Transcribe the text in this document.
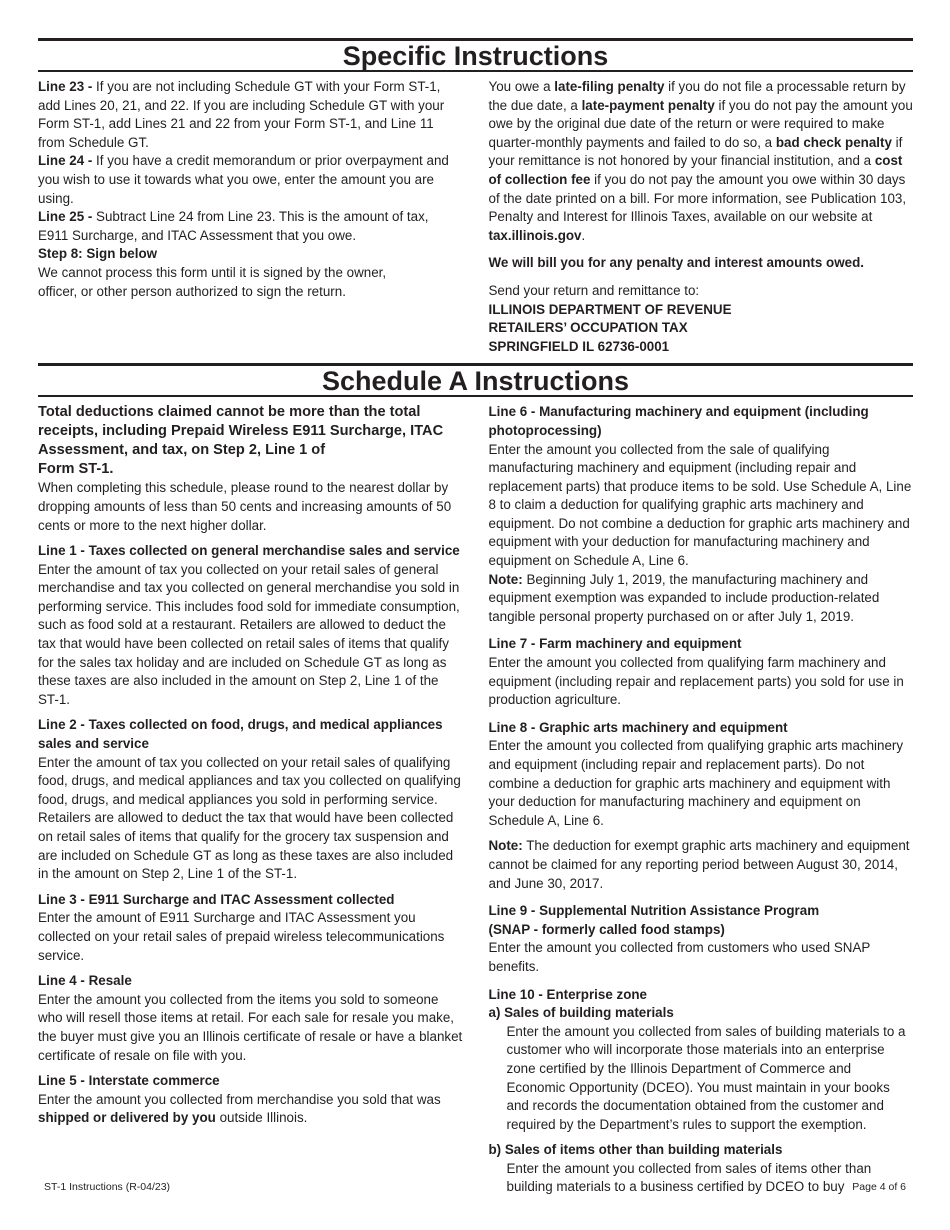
Specific Instructions

Line 23 - If you are not including Schedule GT with your Form ST-1, add Lines 20, 21, and 22. If you are including Schedule GT with your Form ST-1, add Lines 21 and 22 from your Form ST-1, and Line 11 from Schedule GT.

Line 24 - If you have a credit memorandum or prior overpayment and you wish to use it towards what you owe, enter the amount you are using.

Line 25 - Subtract Line 24 from Line 23. This is the amount of tax, E911 Surcharge, and ITAC Assessment that you owe.

Step 8: Sign below

We cannot process this form until it is signed by the owner,

officer, or other person authorized to sign the return.

You owe a late-filing penalty if you do not file a processable return by the due date, a late-payment penalty if you do not pay the amount you owe by the original due date of the return or were required to make quarter-monthly payments and failed to do so, a bad check penalty if your remittance is not honored by your financial institution, and a cost of collection fee if you do not pay the amount you owe within 30 days of the date printed on a bill. For more information, see Publication 103, Penalty and Interest for Illinois Taxes, available on our website at tax.illinois.gov.

We will bill you for any penalty and interest amounts owed.

Send your return and remittance to:

ILLINOIS DEPARTMENT OF REVENUE

RETAILERS’ OCCUPATION TAX

SPRINGFIELD IL 62736-0001

Schedule A Instructions

Total deductions claimed cannot be more than the total receipts, including Prepaid Wireless E911 Surcharge, ITAC Assessment, and tax, on Step 2, Line 1 of

Form ST-1.

When completing this schedule, please round to the nearest dollar by dropping amounts of less than 50 cents and increasing amounts of 50 cents or more to the next higher dollar.

Line 1 - Taxes collected on general merchandise sales and service

Enter the amount of tax you collected on your retail sales of general merchandise and tax you collected on general merchandise you sold in performing service. This includes food sold for immediate consumption, such as food sold at a restaurant. Retailers are allowed to deduct the tax that would have been collected on retail sales of items that qualify for the sales tax holiday and are included on Schedule GT as long as these taxes are also included in the amount on Step 2, Line 1 of the ST-1.

Line 2 - Taxes collected on food, drugs, and medical appliances sales and service

Enter the amount of tax you collected on your retail sales of qualifying food, drugs, and medical appliances and tax you collected on qualifying food, drugs, and medical appliances you sold in performing service. Retailers are allowed to deduct the tax that would have been collected on retail sales of items that qualify for the grocery tax suspension and are included on Schedule GT as long as these taxes are also included in the amount on Step 2, Line 1 of the ST-1.

Line 3 - E911 Surcharge and ITAC Assessment collected

Enter the amount of E911 Surcharge and ITAC Assessment you collected on your retail sales of prepaid wireless telecommunications service.

Line 4 - Resale

Enter the amount you collected from the items you sold to someone who will resell those items at retail. For each sale for resale you make, the buyer must give you an Illinois certificate of resale or have a blanket certificate of resale on file with you.

Line 5 - Interstate commerce

Enter the amount you collected from merchandise you sold that was shipped or delivered by you outside Illinois.

Line 6 - Manufacturing machinery and equipment (including photoprocessing)

Enter the amount you collected from the sale of qualifying manufacturing machinery and equipment (including repair and replacement parts) that produce items to be sold. Use Schedule A, Line 8 to claim a deduction for qualifying graphic arts machinery and equipment. Do not combine a deduction for graphic arts machinery and equipment with your deduction for manufacturing machinery and equipment on Schedule A, Line 6.

Note: Beginning July 1, 2019, the manufacturing machinery and equipment exemption was expanded to include production-related tangible personal property purchased on or after July 1, 2019.

Line 7 - Farm machinery and equipment

Enter the amount you collected from qualifying farm machinery and equipment (including repair and replacement parts) you sold for use in production agriculture.

Line 8 - Graphic arts machinery and equipment

Enter the amount you collected from qualifying graphic arts machinery and equipment (including repair and replacement parts). Do not combine a deduction for graphic arts machinery and equipment with your deduction for manufacturing machinery and equipment on Schedule A, Line 6.

Note: The deduction for exempt graphic arts machinery and equipment cannot be claimed for any reporting period between August 30, 2014, and June 30, 2017.

Line 9 - Supplemental Nutrition Assistance Program

(SNAP - formerly called food stamps)

Enter the amount you collected from customers who used SNAP benefits.

Line 10 - Enterprise zone

a) Sales of building materials

Enter the amount you collected from sales of building materials to a customer who will incorporate those materials into an enterprise zone certified by the Illinois Department of Commerce and Economic Opportunity (DCEO). You must maintain in your books and records the documentation obtained from the customer and required by the Department’s rules to support the exemption.

b) Sales of items other than building materials

Enter the amount you collected from sales of items other than building materials to a business certified by DCEO to buy

ST-1 Instructions (R-04/23)	Page 4 of 6
